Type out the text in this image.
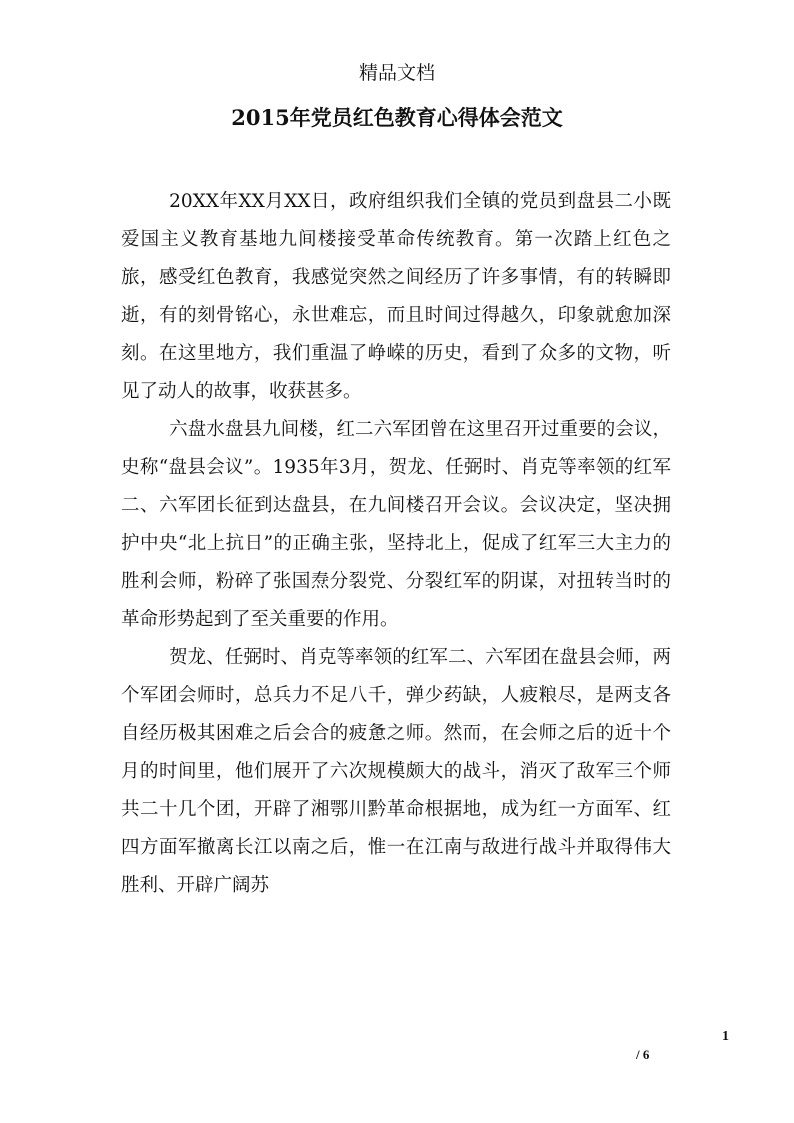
精品文档
2015年党员红色教育心得体会范文

20XX年XX月XX日，政府组织我们全镇的党员到盘县二小既爱国主义教育基地九间楼接受革命传统教育。第一次踏上红色之旅，感受红色教育，我感觉突然之间经历了许多事情，有的转瞬即逝，有的刻骨铭心，永世难忘，而且时间过得越久，印象就愈加深刻。在这里地方，我们重温了峥嵘的历史，看到了众多的文物，听见了动人的故事，收获甚多。

六盘水盘县九间楼，红二六军团曾在这里召开过重要的会议，史称“盘县会议”。1935年3月，贺龙、任弼时、肖克等率领的红军二、六军团长征到达盘县，在九间楼召开会议。会议决定，坚决拥护中央“北上抗日”的正确主张，坚持北上，促成了红军三大主力的胜利会师，粉碎了张国焘分裂党、分裂红军的阴谋，对扭转当时的革命形势起到了至关重要的作用。

贺龙、任弼时、肖克等率领的红军二、六军团在盘县会师，两个军团会师时，总兵力不足八千，弹少药缺，人疲粮尽，是两支各自经历极其困难之后会合的疲惫之师。然而，在会师之后的近十个月的时间里，他们展开了六次规模颇大的战斗，消灭了敌军三个师共二十几个团，开辟了湘鄂川黔革命根据地，成为红一方面军、红四方面军撤离长江以南之后，惟一在江南与敌进行战斗并取得伟大胜利、开辟广阔苏

1
/ 6
